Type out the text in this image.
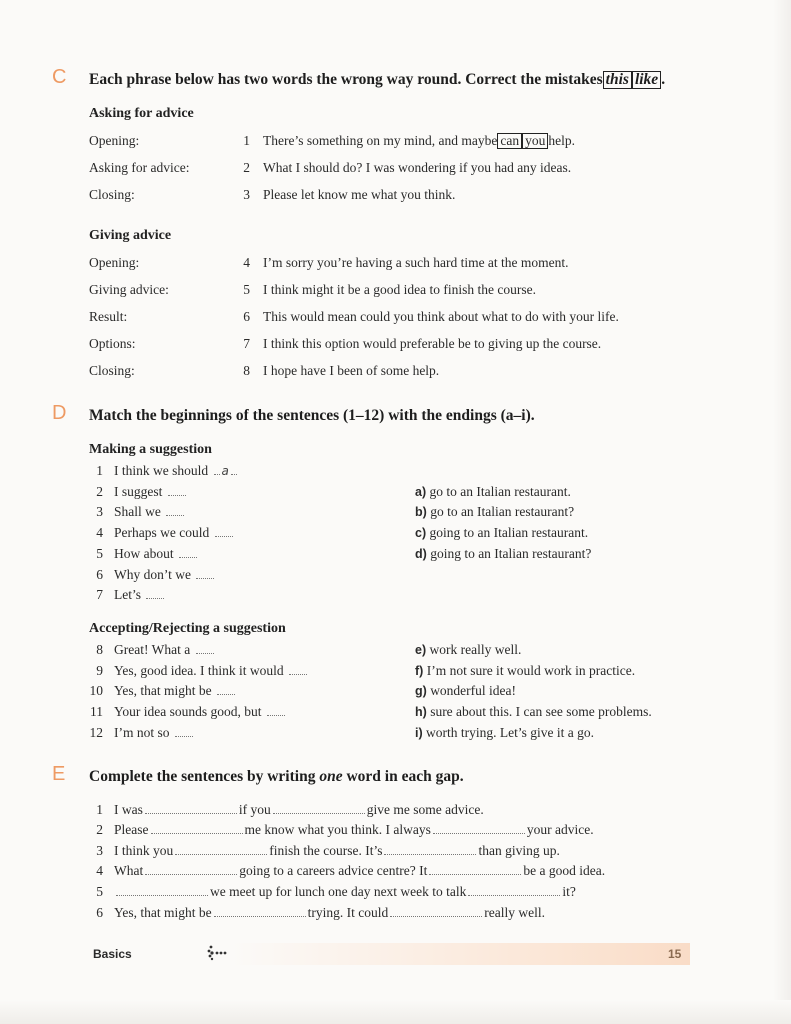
C Each phrase below has two words the wrong way round. Correct the mistakes this like .
Asking for advice
Opening:	1 There’s something on my mind, and maybe can you help.
Asking for advice:	2 What I should do? I was wondering if you had any ideas.
Closing:	3 Please let know me what you think.
Giving advice
Opening:	4 I’m sorry you’re having a such hard time at the moment.
Giving advice:	5 I think might it be a good idea to finish the course.
Result:	6 This would mean could you think about what to do with your life.
Options:	7 I think this option would preferable be to giving up the course.
Closing:	8 I hope have I been of some help.
D Match the beginnings of the sentences (1–12) with the endings (a–i).
Making a suggestion
1 I think we should a
2 I suggest
3 Shall we
4 Perhaps we could
5 How about
6 Why don’t we
7 Let’s
a) go to an Italian restaurant.
b) go to an Italian restaurant?
c) going to an Italian restaurant.
d) going to an Italian restaurant?
Accepting/Rejecting a suggestion
8 Great! What a
9 Yes, good idea. I think it would
10 Yes, that might be
11 Your idea sounds good, but
12 I’m not so
e) work really well.
f) I’m not sure it would work in practice.
g) wonderful idea!
h) sure about this. I can see some problems.
i) worth trying. Let’s give it a go.
E Complete the sentences by writing one word in each gap.
1 I was	if you	give me some advice.
2 Please	me know what you think. I always	your advice.
3 I think you	finish the course. It’s	than giving up.
4 What	going to a careers advice centre? It	be a good idea.
5	we meet up for lunch one day next week to talk	it?
6 Yes, that might be	trying. It could	really well.
Basics	15
